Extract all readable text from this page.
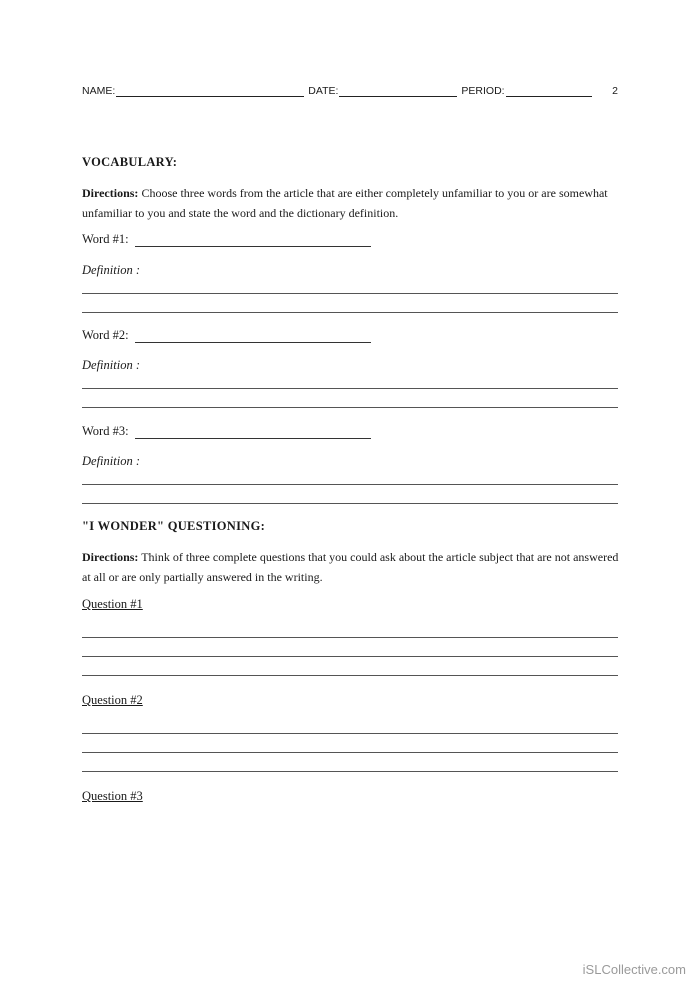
NAME:	DATE:	PERIOD:	2
VOCABULARY:
Directions: Choose three words from the article that are either completely unfamiliar to you or are somewhat unfamiliar to you and state the word and the dictionary definition.
Word #1:
Definition :
Word #2:
Definition :
Word #3:
Definition :
"I WONDER" QUESTIONING:
Directions: Think of three complete questions that you could ask about the article subject that are not answered at all or are only partially answered in the writing.
Question #1
Question #2
Question #3
iSLCollective.com
